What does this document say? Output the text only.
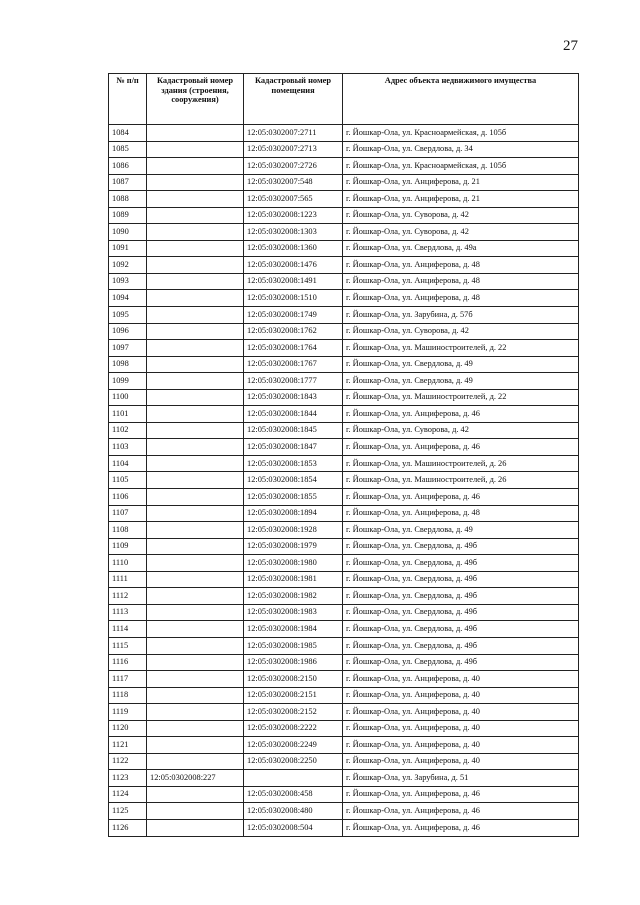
27
№ п/п	Кадастровый номер здания (строения, сооружения)	Кадастровый номер помещения	Адрес объекта недвижимого имущества
1084		12:05:0302007:2711	г. Йошкар-Ола, ул. Красноармейская, д. 105б
1085		12:05:0302007:2713	г. Йошкар-Ола, ул. Свердлова, д. 34
1086		12:05:0302007:2726	г. Йошкар-Ола, ул. Красноармейская, д. 105б
1087		12:05:0302007:548	г. Йошкар-Ола, ул. Анциферова, д. 21
1088		12:05:0302007:565	г. Йошкар-Ола, ул. Анциферова, д. 21
1089		12:05:0302008:1223	г. Йошкар-Ола, ул. Суворова, д. 42
1090		12:05:0302008:1303	г. Йошкар-Ола, ул. Суворова, д. 42
1091		12:05:0302008:1360	г. Йошкар-Ола, ул. Свердлова, д. 49а
1092		12:05:0302008:1476	г. Йошкар-Ола, ул. Анциферова, д. 48
1093		12:05:0302008:1491	г. Йошкар-Ола, ул. Анциферова, д. 48
1094		12:05:0302008:1510	г. Йошкар-Ола, ул. Анциферова, д. 48
1095		12:05:0302008:1749	г. Йошкар-Ола, ул. Зарубина, д. 57б
1096		12:05:0302008:1762	г. Йошкар-Ола, ул. Суворова, д. 42
1097		12:05:0302008:1764	г. Йошкар-Ола, ул. Машиностроителей, д. 22
1098		12:05:0302008:1767	г. Йошкар-Ола, ул. Свердлова, д. 49
1099		12:05:0302008:1777	г. Йошкар-Ола, ул. Свердлова, д. 49
1100		12:05:0302008:1843	г. Йошкар-Ола, ул. Машиностроителей, д. 22
1101		12:05:0302008:1844	г. Йошкар-Ола, ул. Анциферова, д. 46
1102		12:05:0302008:1845	г. Йошкар-Ола, ул. Суворова, д. 42
1103		12:05:0302008:1847	г. Йошкар-Ола, ул. Анциферова, д. 46
1104		12:05:0302008:1853	г. Йошкар-Ола, ул. Машиностроителей, д. 26
1105		12:05:0302008:1854	г. Йошкар-Ола, ул. Машиностроителей, д. 26
1106		12:05:0302008:1855	г. Йошкар-Ола, ул. Анциферова, д. 46
1107		12:05:0302008:1894	г. Йошкар-Ола, ул. Анциферова, д. 48
1108		12:05:0302008:1928	г. Йошкар-Ола, ул. Свердлова, д. 49
1109		12:05:0302008:1979	г. Йошкар-Ола, ул. Свердлова, д. 49б
1110		12:05:0302008:1980	г. Йошкар-Ола, ул. Свердлова, д. 49б
1111		12:05:0302008:1981	г. Йошкар-Ола, ул. Свердлова, д. 49б
1112		12:05:0302008:1982	г. Йошкар-Ола, ул. Свердлова, д. 49б
1113		12:05:0302008:1983	г. Йошкар-Ола, ул. Свердлова, д. 49б
1114		12:05:0302008:1984	г. Йошкар-Ола, ул. Свердлова, д. 49б
1115		12:05:0302008:1985	г. Йошкар-Ола, ул. Свердлова, д. 49б
1116		12:05:0302008:1986	г. Йошкар-Ола, ул. Свердлова, д. 49б
1117		12:05:0302008:2150	г. Йошкар-Ола, ул. Анциферова, д. 40
1118		12:05:0302008:2151	г. Йошкар-Ола, ул. Анциферова, д. 40
1119		12:05:0302008:2152	г. Йошкар-Ола, ул. Анциферова, д. 40
1120		12:05:0302008:2222	г. Йошкар-Ола, ул. Анциферова, д. 40
1121		12:05:0302008:2249	г. Йошкар-Ола, ул. Анциферова, д. 40
1122		12:05:0302008:2250	г. Йошкар-Ола, ул. Анциферова, д. 40
1123	12:05:0302008:227		г. Йошкар-Ола, ул. Зарубина, д. 51
1124		12:05:0302008:458	г. Йошкар-Ола, ул. Анциферова, д. 46
1125		12:05:0302008:480	г. Йошкар-Ола, ул. Анциферова, д. 46
1126		12:05:0302008:504	г. Йошкар-Ола, ул. Анциферова, д. 46
